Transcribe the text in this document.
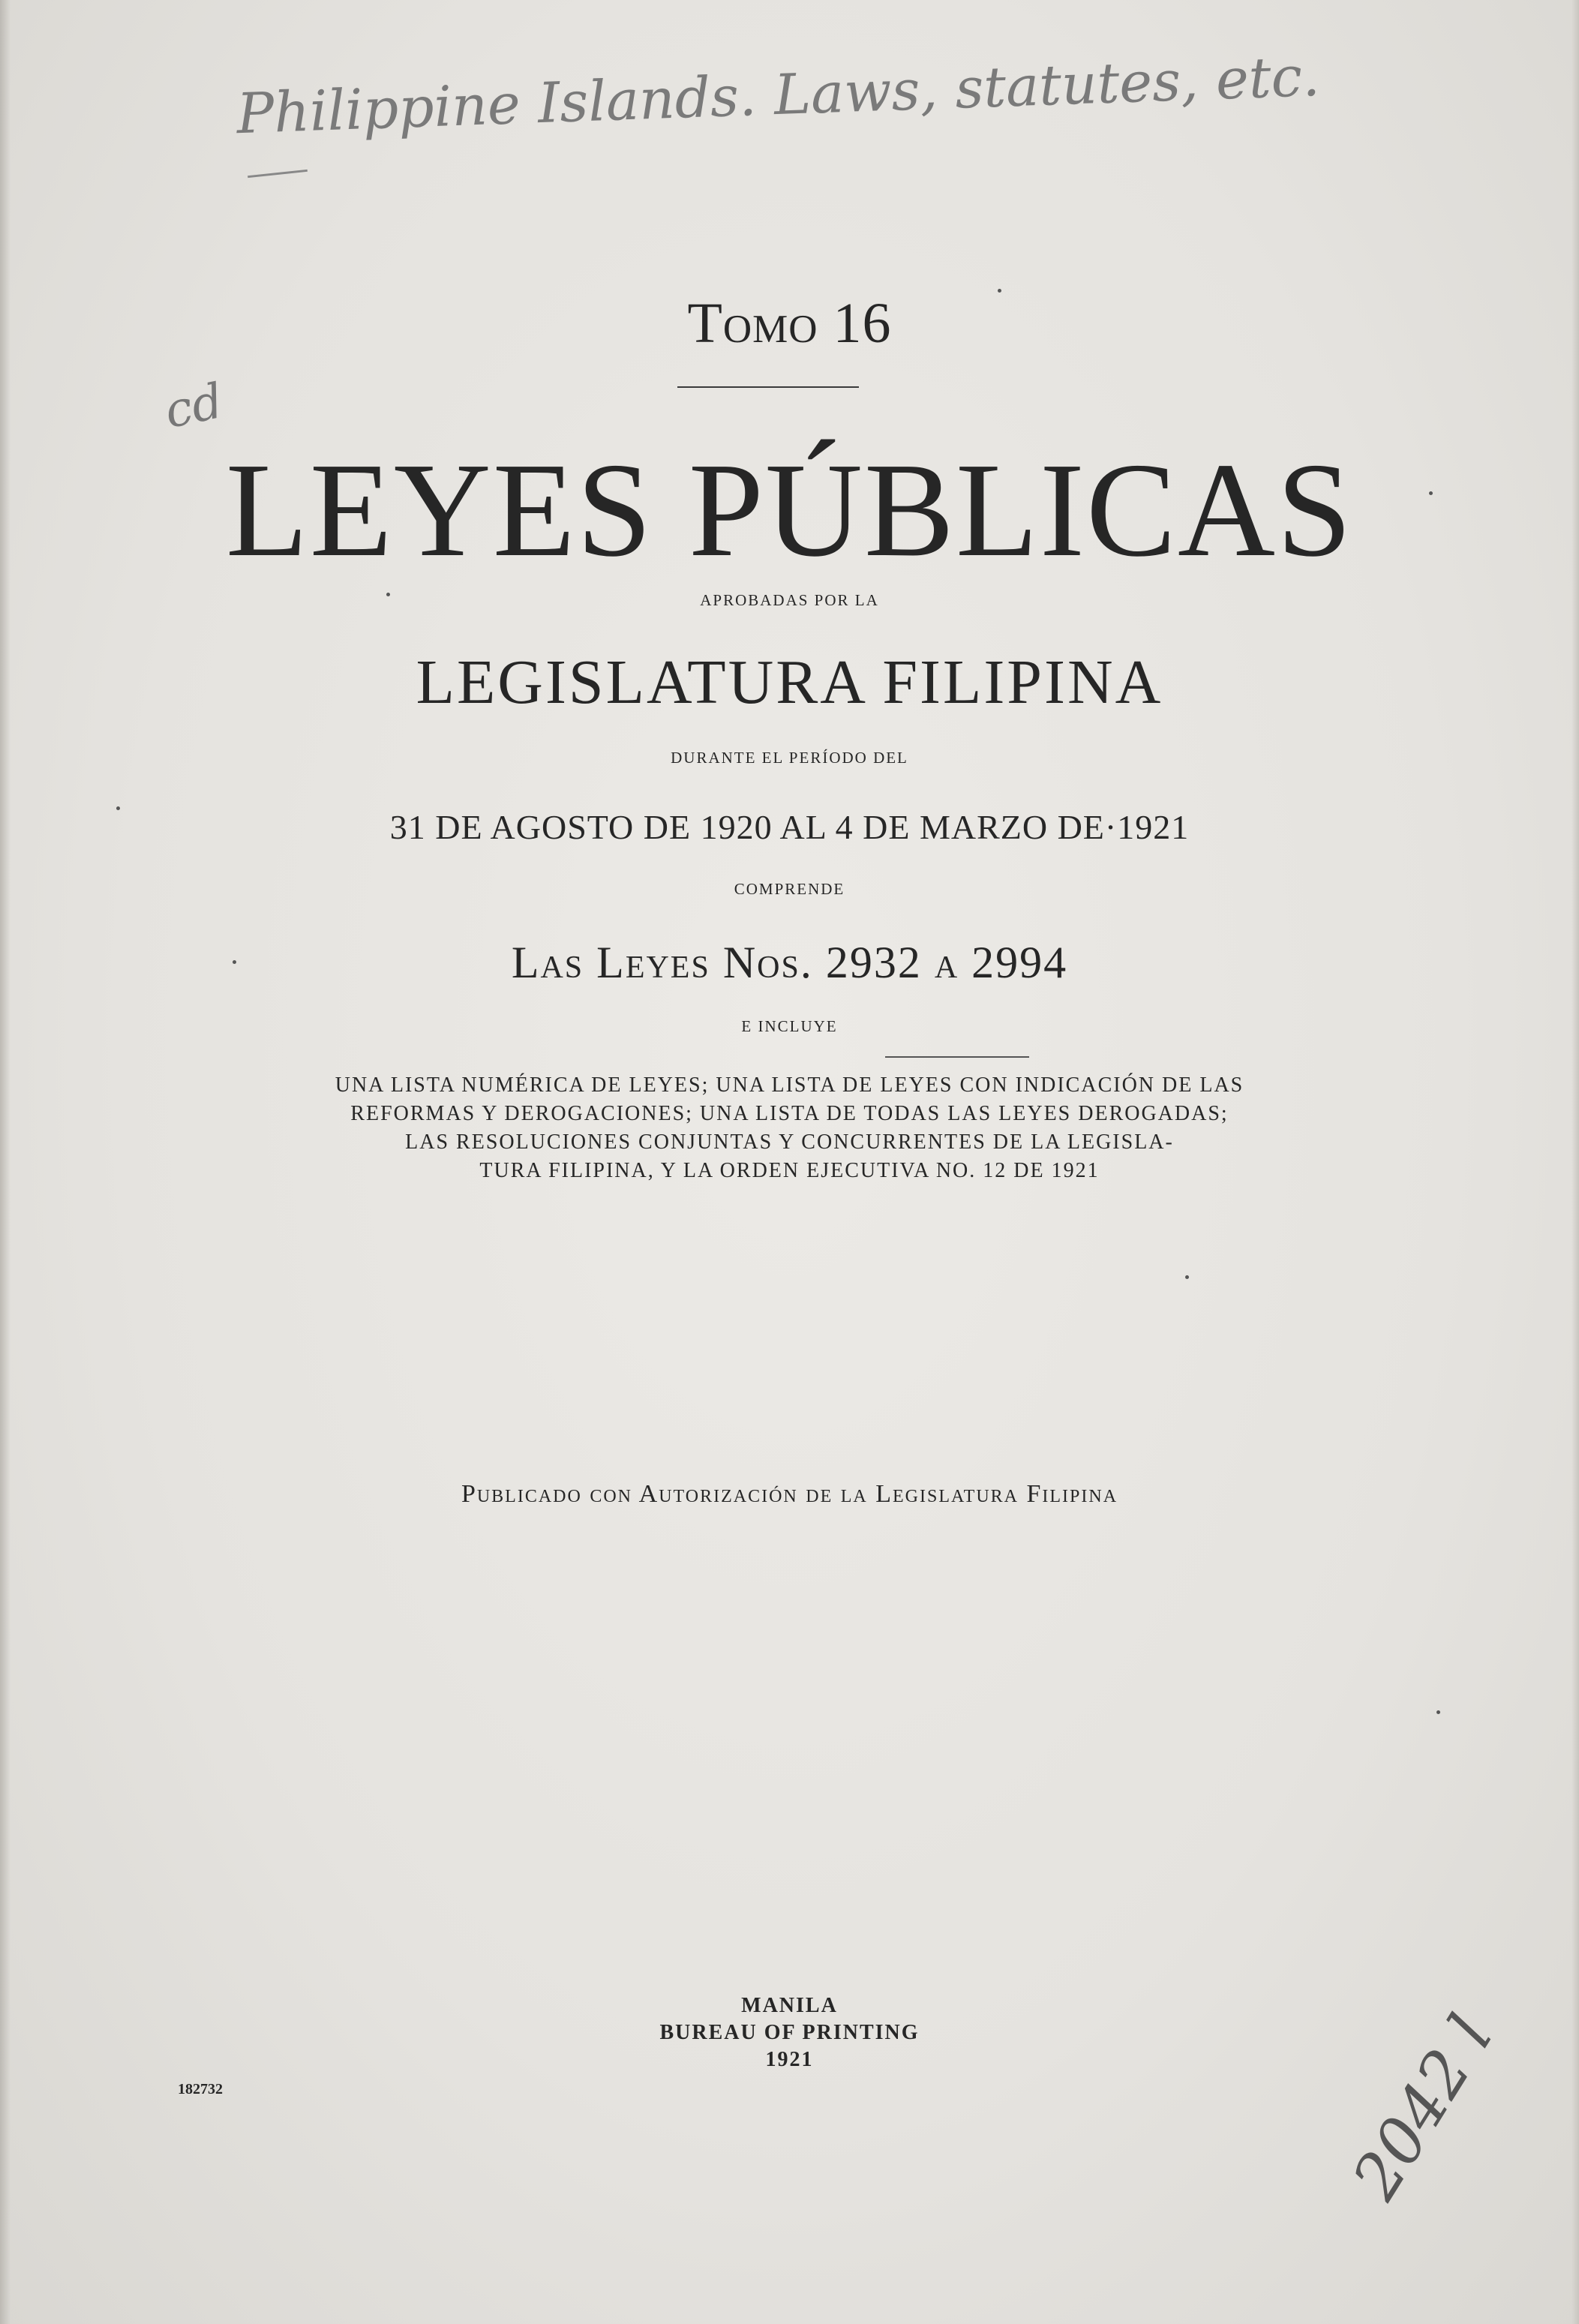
Philippine Islands. Laws, statutes, etc.
cd
Tomo 16
LEYES PÚBLICAS
APROBADAS POR LA
LEGISLATURA FILIPINA
DURANTE EL PERÍODO DEL
31 DE AGOSTO DE 1920 AL 4 DE MARZO DE·1921
COMPRENDE
Las Leyes Nos. 2932 a 2994
E INCLUYE
UNA LISTA NUMÉRICA DE LEYES; UNA LISTA DE LEYES CON INDICACIÓN DE LAS
REFORMAS Y DEROGACIONES; UNA LISTA DE TODAS LAS LEYES DEROGADAS;
LAS RESOLUCIONES CONJUNTAS Y CONCURRENTES DE LA LEGISLA-
TURA FILIPINA, Y LA ORDEN EJECUTIVA NO. 12 DE 1921
Publicado con Autorización de la Legislatura Filipina
MANILA
BUREAU OF PRINTING
1921
182732	2042 l
